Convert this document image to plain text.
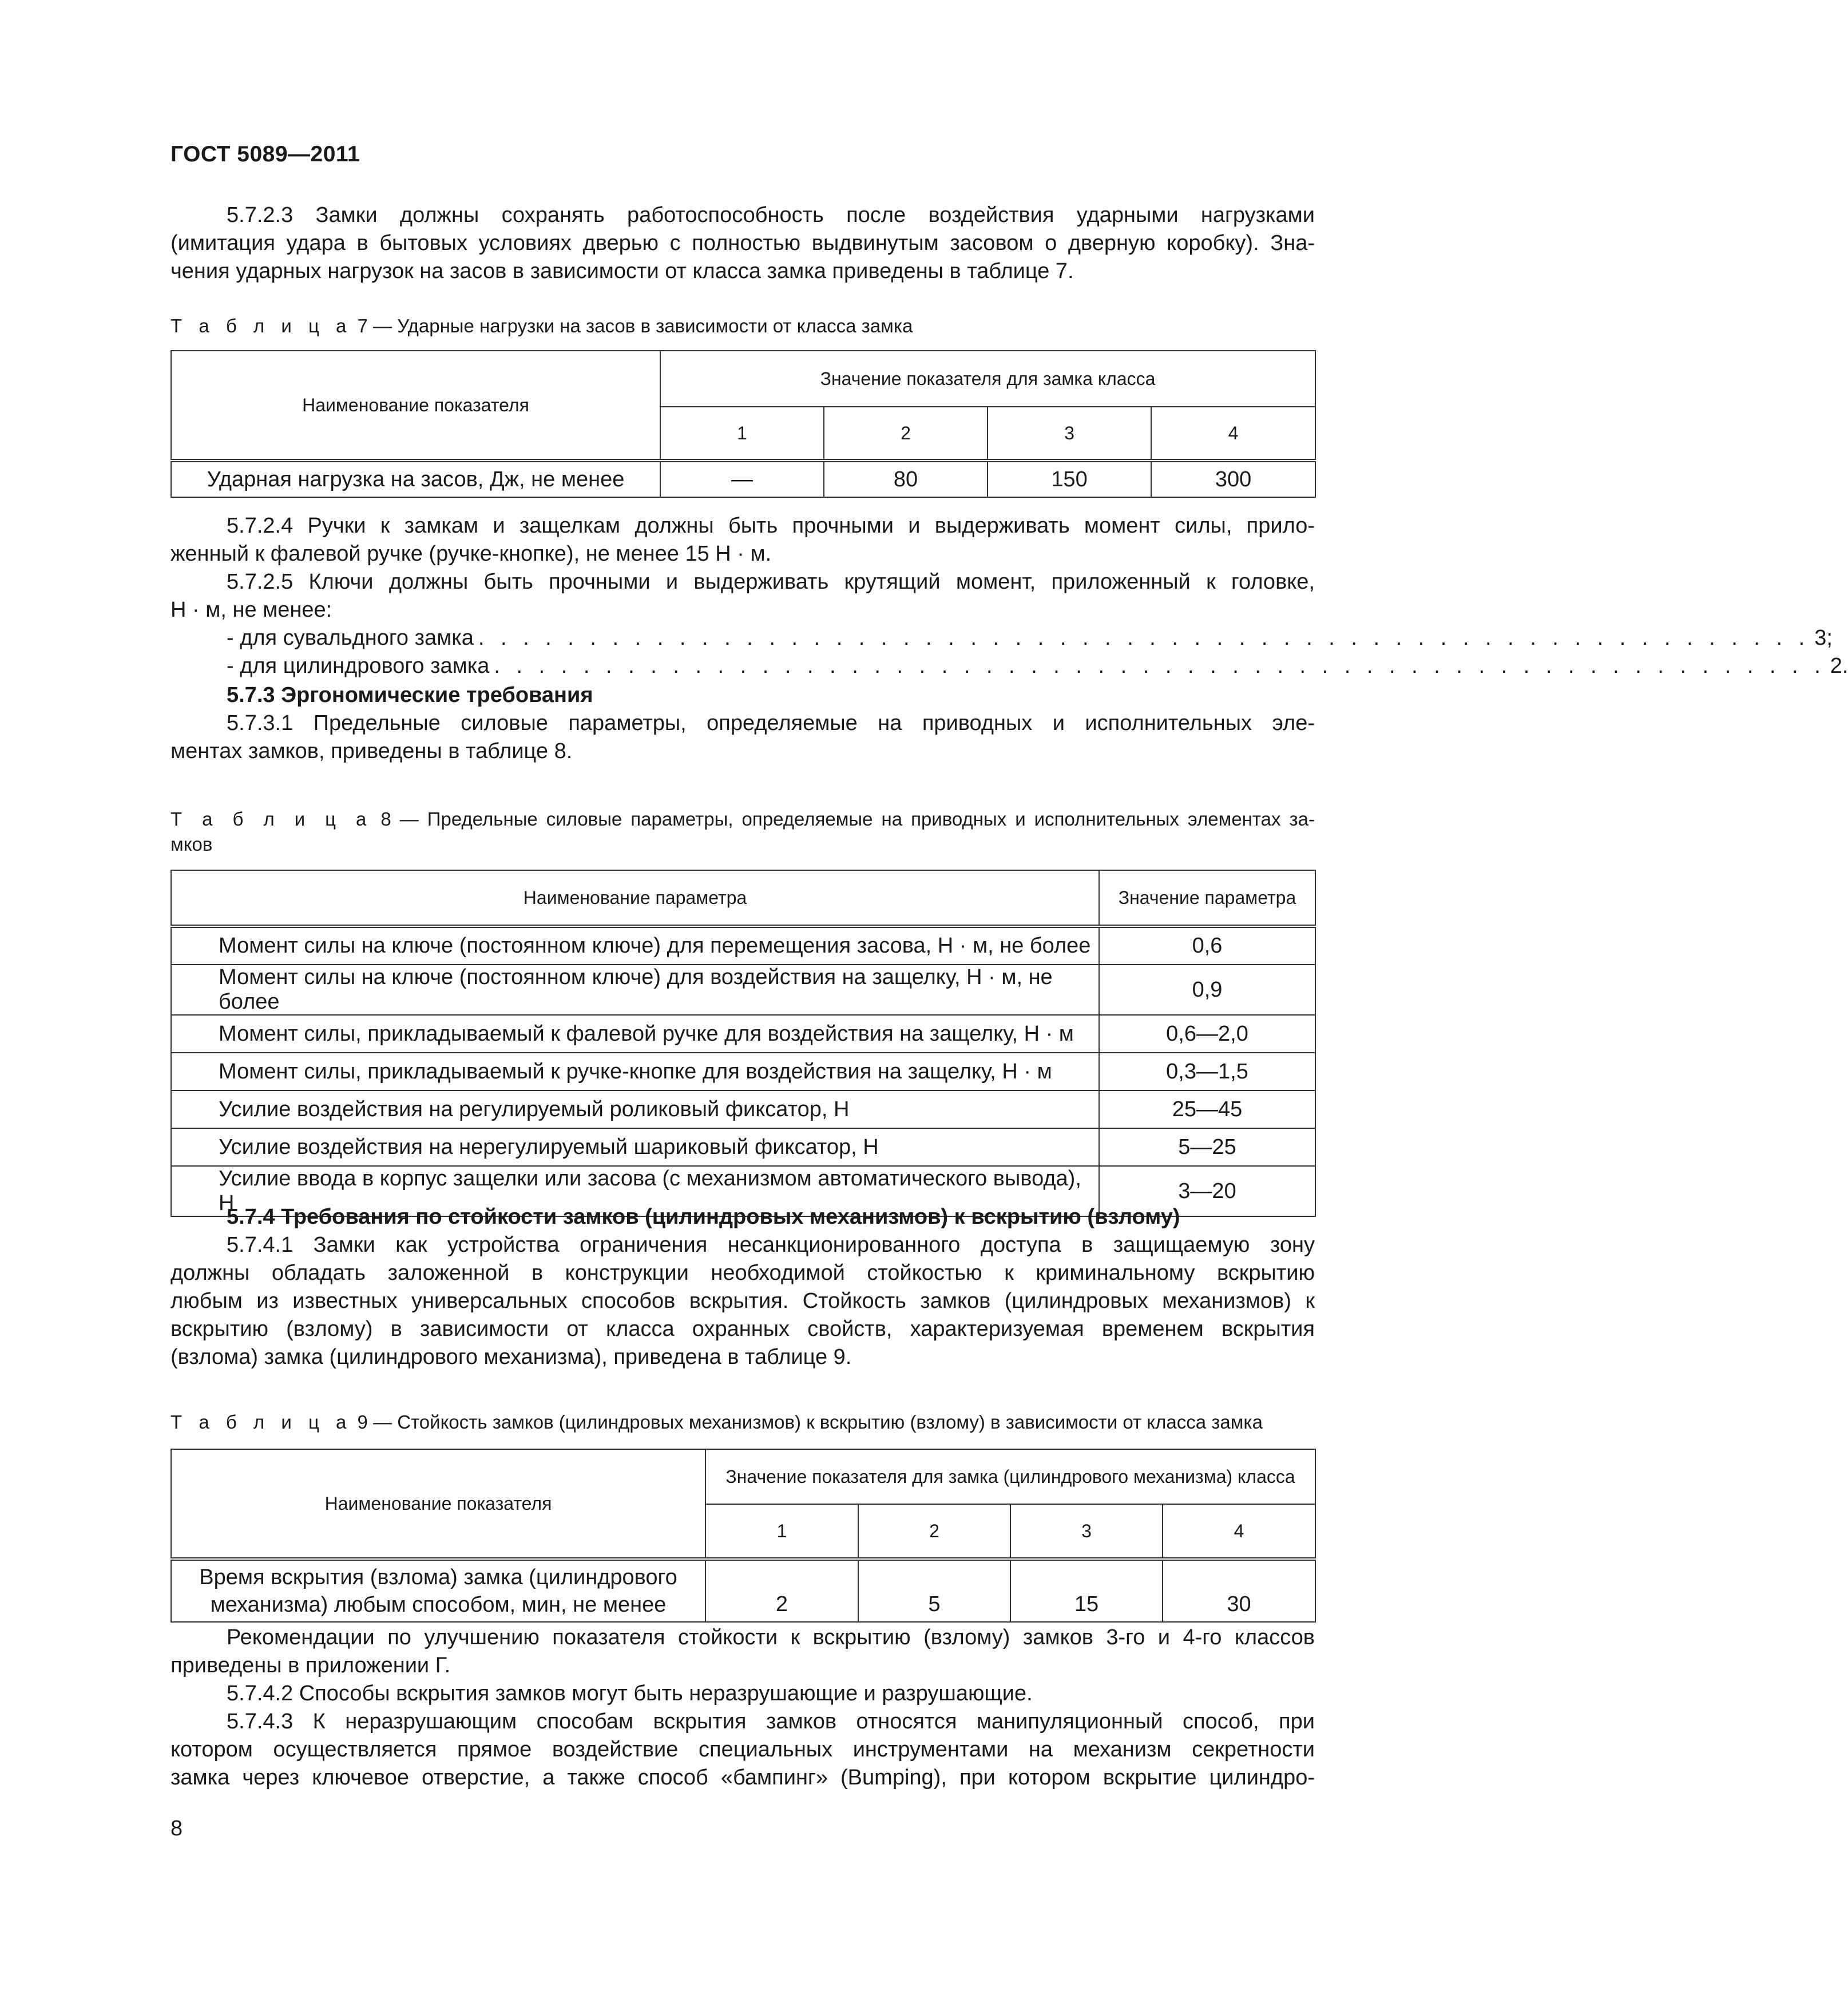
ГОСТ 5089—2011

5.7.2.3 Замки должны сохранять работоспособность после воздействия ударными нагрузками

(имитация удара в бытовых условиях дверью с полностью выдвинутым засовом о дверную коробку). Зна-

чения ударных нагрузок на засов в зависимости от класса замка приведены в таблице 7.

Т а б л и ц а 7 — Ударные нагрузки на засов в зависимости от класса замка
Наименование показателя	Значение показателя для замка класса			
	1	2	3	4
Ударная нагрузка на засов, Дж, не менее	—	80	150	300

5.7.2.4 Ручки к замкам и защелкам должны быть прочными и выдерживать момент силы, прило-

женный к фалевой ручке (ручке-кнопке), не менее 15 Н · м.

5.7.2.5 Ключи должны быть прочными и выдерживать крутящий момент, приложенный к головке,

Н · м, не менее:

- для сувальдного замка . . . . . . . . . . . . . . . . . . . . . . . . . . . . . . . . . . . . . . . . . . . . . . . . . . . . . . . . . . . . 3;
- для цилиндрового замка . . . . . . . . . . . . . . . . . . . . . . . . . . . . . . . . . . . . . . . . . . . . . . . . . . . . . . . . . . . . 2.

5.7.3 Эргономические требования

5.7.3.1 Предельные силовые параметры, определяемые на приводных и исполнительных эле-

ментах замков, приведены в таблице 8.

Т а б л и ц а 8 — Предельные силовые параметры, определяемые на приводных и исполнительных элементах за-

мков

Наименование параметра	Значение параметра
Момент силы на ключе (постоянном ключе) для перемещения засова, Н · м, не более	0,6
Момент силы на ключе (постоянном ключе) для воздействия на защелку, Н · м, не более	0,9
Момент силы, прикладываемый к фалевой ручке для воздействия на защелку, Н · м	0,6—2,0
Момент силы, прикладываемый к ручке-кнопке для воздействия на защелку, Н · м	0,3—1,5
Усилие воздействия на регулируемый роликовый фиксатор, Н	25—45
Усилие воздействия на нерегулируемый шариковый фиксатор, Н	5—25
Усилие ввода в корпус защелки или засова (с механизмом автоматического вывода), Н	3—20

5.7.4 Требования по стойкости замков (цилиндровых механизмов) к вскрытию (взлому)

5.7.4.1 Замки как устройства ограничения несанкционированного доступа в защищаемую зону

должны обладать заложенной в конструкции необходимой стойкостью к криминальному вскрытию

любым из известных универсальных способов вскрытия. Стойкость замков (цилиндровых механизмов) к

вскрытию (взлому) в зависимости от класса охранных свойств, характеризуемая временем вскрытия

(взлома) замка (цилиндрового механизма), приведена в таблице 9.

Т а б л и ц а 9 — Стойкость замков (цилиндровых механизмов) к вскрытию (взлому) в зависимости от класса замка
Наименование показателя	Значение показателя для замка (цилиндрового механизма) класса			
	1	2	3	4

Время вскрытия (взлома) замка (цилиндрового
механизма) любым способом, мин, не менее	2	5	15	30

Рекомендации по улучшению показателя стойкости к вскрытию (взлому) замков 3-го и 4-го классов

приведены в приложении Г.

5.7.4.2 Способы вскрытия замков могут быть неразрушающие и разрушающие.

5.7.4.3 К неразрушающим способам вскрытия замков относятся манипуляционный способ, при

котором осуществляется прямое воздействие специальных инструментами на механизм секретности

замка через ключевое отверстие, а также способ «бампинг» (Bumping), при котором вскрытие цилиндро-

8
